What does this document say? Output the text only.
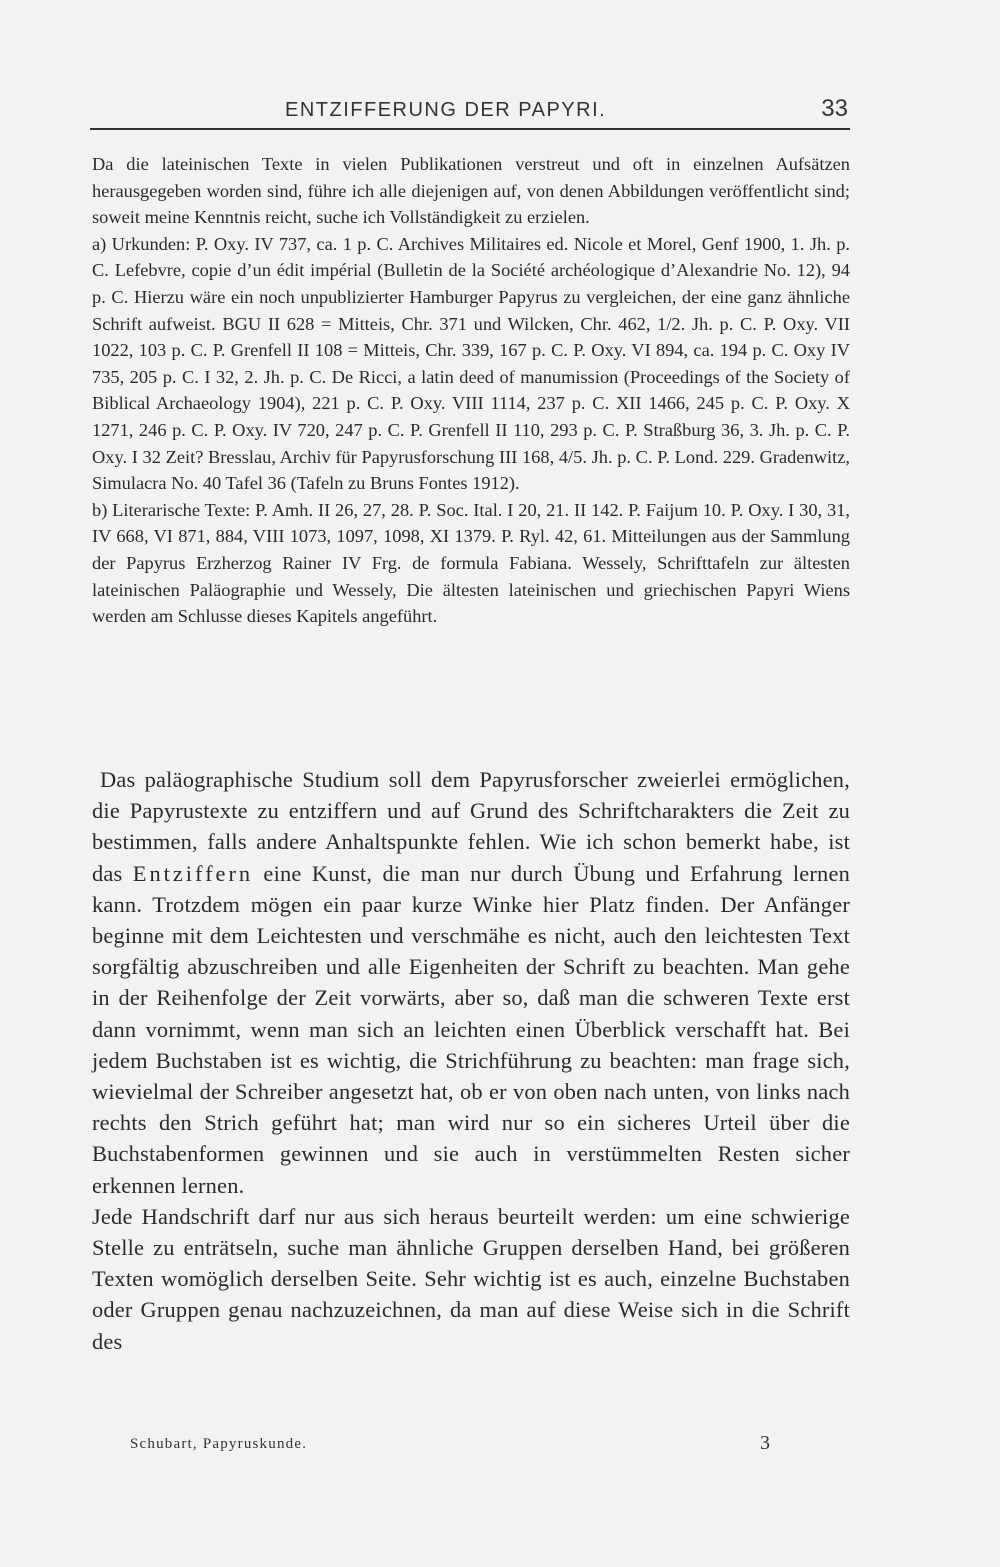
ENTZIFFERUNG DER PAPYRI.	33

Da die lateinischen Texte in vielen Publikationen verstreut und oft in einzelnen Aufsätzen herausgegeben worden sind, führe ich alle diejenigen auf, von denen Abbildungen veröffentlicht sind; soweit meine Kenntnis reicht, suche ich Vollständigkeit zu erzielen.

a) Urkunden: P. Oxy. IV 737, ca. 1 p. C. Archives Militaires ed. Nicole et Morel, Genf 1900, 1. Jh. p. C. Lefebvre, copie d’un édit impérial (Bulletin de la Société archéologique d’Alexandrie No. 12), 94 p. C. Hierzu wäre ein noch unpublizierter Hamburger Papyrus zu vergleichen, der eine ganz ähnliche Schrift aufweist. BGU II 628 = Mitteis, Chr. 371 und Wilcken, Chr. 462, 1/2. Jh. p. C. P. Oxy. VII 1022, 103 p. C. P. Grenfell II 108 = Mitteis, Chr. 339, 167 p. C. P. Oxy. VI 894, ca. 194 p. C. Oxy IV 735, 205 p. C. I 32, 2. Jh. p. C. De Ricci, a latin deed of manumission (Proceedings of the Society of Biblical Archaeology 1904), 221 p. C. P. Oxy. VIII 1114, 237 p. C. XII 1466, 245 p. C. P. Oxy. X 1271, 246 p. C. P. Oxy. IV 720, 247 p. C. P. Grenfell II 110, 293 p. C. P. Straßburg 36, 3. Jh. p. C. P. Oxy. I 32 Zeit? Bresslau, Archiv für Papyrusforschung III 168, 4/5. Jh. p. C. P. Lond. 229. Gradenwitz, Simulacra No. 40 Tafel 36 (Tafeln zu Bruns Fontes 1912).

b) Literarische Texte: P. Amh. II 26, 27, 28. P. Soc. Ital. I 20, 21. II 142. P. Faijum 10. P. Oxy. I 30, 31, IV 668, VI 871, 884, VIII 1073, 1097, 1098, XI 1379. P. Ryl. 42, 61. Mitteilungen aus der Sammlung der Papyrus Erzherzog Rainer IV Frg. de formula Fabiana. Wessely, Schrifttafeln zur ältesten lateinischen Paläographie und Wessely, Die ältesten lateinischen und griechischen Papyri Wiens werden am Schlusse dieses Kapitels angeführt.

Das paläographische Studium soll dem Papyrusforscher zweierlei ermöglichen, die Papyrustexte zu entziffern und auf Grund des Schriftcharakters die Zeit zu bestimmen, falls andere Anhaltspunkte fehlen. Wie ich schon bemerkt habe, ist das Entziffern eine Kunst, die man nur durch Übung und Erfahrung lernen kann. Trotzdem mögen ein paar kurze Winke hier Platz finden. Der Anfänger beginne mit dem Leichtesten und verschmähe es nicht, auch den leichtesten Text sorgfältig abzuschreiben und alle Eigenheiten der Schrift zu beachten. Man gehe in der Reihenfolge der Zeit vorwärts, aber so, daß man die schweren Texte erst dann vornimmt, wenn man sich an leichten einen Überblick verschafft hat. Bei jedem Buchstaben ist es wichtig, die Strichführung zu beachten: man frage sich, wievielmal der Schreiber angesetzt hat, ob er von oben nach unten, von links nach rechts den Strich geführt hat; man wird nur so ein sicheres Urteil über die Buchstabenformen gewinnen und sie auch in verstümmelten Resten sicher erkennen lernen.

Jede Handschrift darf nur aus sich heraus beurteilt werden: um eine schwierige Stelle zu enträtseln, suche man ähnliche Gruppen derselben Hand, bei größeren Texten womöglich derselben Seite. Sehr wichtig ist es auch, einzelne Buchstaben oder Gruppen genau nachzuzeichnen, da man auf diese Weise sich in die Schrift des

Schubart, Papyruskunde.	3
